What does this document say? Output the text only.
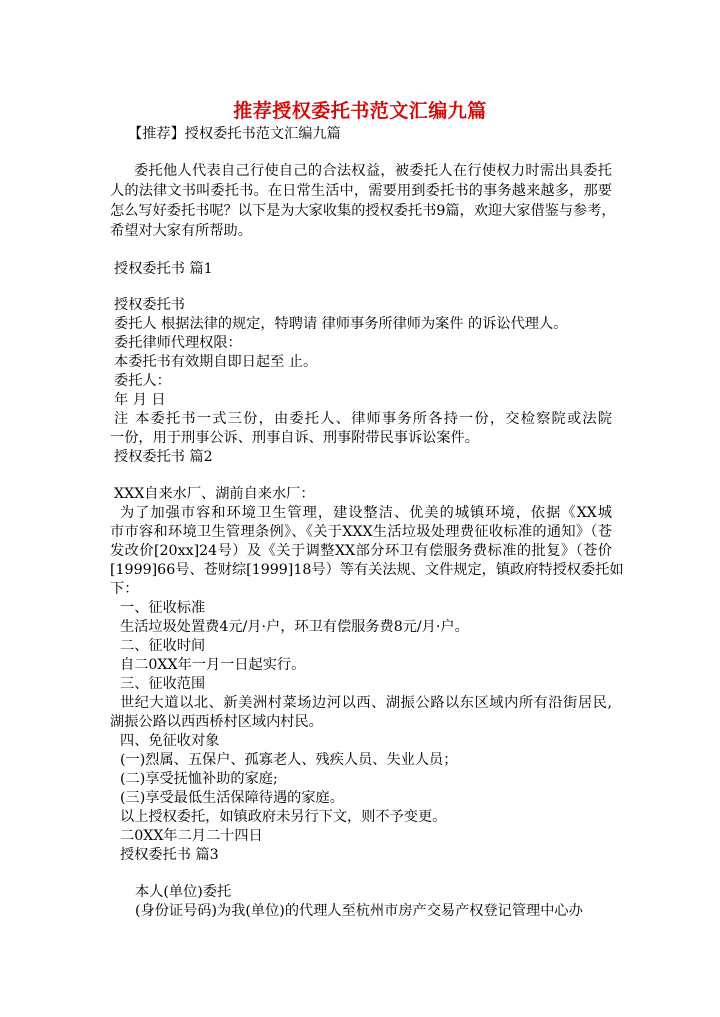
推荐授权委托书范文汇编九篇
【推荐】授权委托书范文汇编九篇
委托他人代表自己行使自己的合法权益，被委托人在行使权力时需出具委托
人的法律文书叫委托书。在日常生活中，需要用到委托书的事务越来越多，那要
怎么写好委托书呢？以下是为大家收集的授权委托书9篇，欢迎大家借鉴与参考，
希望对大家有所帮助。
授权委托书 篇1
授权委托书
委托人 根据法律的规定，特聘请 律师事务所律师为案件 的诉讼代理人。
委托律师代理权限：
本委托书有效期自即日起至 止。
委托人：
年 月 日
注 本委托书一式三份，由委托人、律师事务所各持一份，交检察院或法院
一份，用于刑事公诉、刑事自诉、刑事附带民事诉讼案件。
授权委托书 篇2
XXX自来水厂、湖前自来水厂：
为了加强市容和环境卫生管理，建设整洁、优美的城镇环境，依据《XX城
市市容和环境卫生管理条例》、《关于XXX生活垃圾处理费征收标准的通知》（苍
发改价[20xx]24号）及《关于调整XX部分环卫有偿服务费标准的批复》（苍价
[1999]66号、苍财综[1999]18号）等有关法规、文件规定，镇政府特授权委托如
下：
一、征收标准
生活垃圾处置费4元/月·户，环卫有偿服务费8元/月·户。
二、征收时间
自二0XX年一月一日起实行。
三、征收范围
世纪大道以北、新美洲村菜场边河以西、湖振公路以东区域内所有沿街居民,
湖振公路以西西桥村区域内村民。
四、免征收对象
(一)烈属、五保户、孤寡老人、残疾人员、失业人员；
(二)享受抚恤补助的家庭;
(三)享受最低生活保障待遇的家庭。
以上授权委托，如镇政府未另行下文，则不予变更。
二0XX年二月二十四日
授权委托书 篇3
本人(单位)委托
(身份证号码)为我(单位)的代理人至杭州市房产交易产权登记管理中心办
